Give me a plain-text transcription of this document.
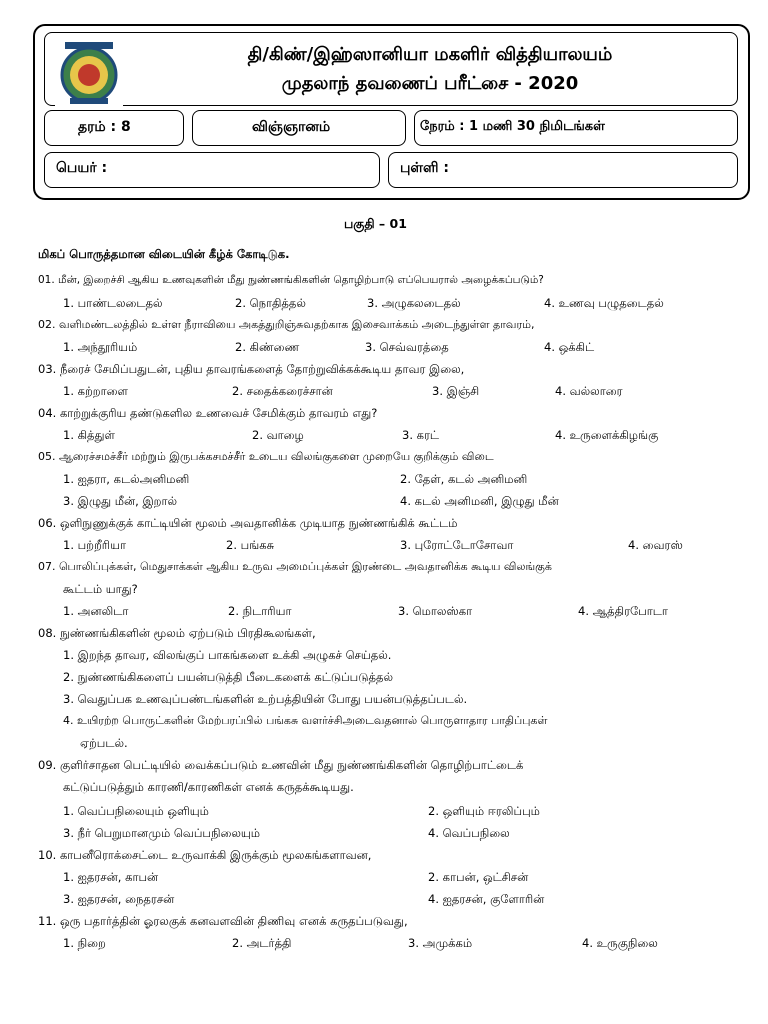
தி/கிண்/இஹ்ஸானியா மகளிர் வித்தியாலயம்
முதலாந் தவணைப் பரீட்சை - 2020
தரம் : 8	விஞ்ஞானம்	நேரம் : 1 மணி 30 நிமிடங்கள்
பெயர் :	புள்ளி :
பகுதி – 01
மிகப் பொருத்தமான விடையின் கீழ்க் கோடிடுக.
01. மீன், இறைச்சி ஆகிய உணவுகளின் மீது நுண்ணங்கிகளின் தொழிற்பாடு எப்பெயரால் அழைக்கப்படும்?
1. பாண்டலடைதல்	2. நொதித்தல்	3. அழுகலடைதல்	4. உணவு பழுதடைதல்
02. வளிமண்டலத்தில் உள்ள நீராவியை அகத்துறிஞ்சுவதற்காக இசைவாக்கம் அடைந்துள்ள தாவரம்,
1. அந்தூரியம்	2. கிண்ணை	3. செவ்வரத்தை	4. ஒக்கிட்
03. நீரைச் சேமிப்பதுடன், புதிய தாவரங்களைத் தோற்றுவிக்கக்கூடிய தாவர இலை,
1. கற்றாளை	2. சதைக்கரைச்சான்	3. இஞ்சி	4. வல்லாரை
04. காற்றுக்குரிய தண்டுகளில உணவைச் சேமிக்கும் தாவரம் எது?
1. கித்துள்	2. வாழை	3. கரட்	4. உருளைக்கிழங்கு
05. ஆரைச்சமச்சீர் மற்றும் இருபக்கசமச்சீர் உடைய விலங்குகளை முறையே குறிக்கும் விடை
1. ஐதரா, கடல்அனிமனி	2. தேள், கடல் அனிமனி
3. இழுது மீன், இறால்	4. கடல் அனிமனி, இழுது மீன்
06. ஒளிநுணுக்குக் காட்டியின் மூலம் அவதானிக்க முடியாத நுண்ணங்கிக் கூட்டம்
1. பற்றீரியா	2. பங்கசு	3. புரோட்டோசோவா	4. வைரஸ்
07. பொலிப்புக்கள், மெதுசாக்கள் ஆகிய உருவ அமைப்புக்கள் இரண்டை அவதானிக்க கூடிய விலங்குக்
கூட்டம் யாது?
1. அனலிடா	2. நிடாரியா	3. மொலஸ்கா	4. ஆத்திரபோடா
08. நுண்ணங்கிகளின் மூலம் ஏற்படும் பிரதிகூலங்கள்,
1. இறந்த தாவர, விலங்குப் பாகங்களை உக்கி அழுகச் செய்தல்.
2. நுண்ணங்கிகளைப் பயன்படுத்தி பீடைகளைக் கட்டுப்படுத்தல்
3. வெதுப்பக உணவுப்பண்டங்களின் உற்பத்தியின் போது பயன்படுத்தப்படல்.
4. உயிரற்ற பொருட்களின் மேற்பரப்பில் பங்கசு வளர்ச்சிஅடைவதனால் பொருளாதார பாதிப்புகள்
ஏற்படல்.
09. குளிர்சாதன பெட்டியில் வைக்கப்படும் உணவின் மீது நுண்ணங்கிகளின் தொழிற்பாட்டைக்
கட்டுப்படுத்தும் காரணி/காரணிகள் எனக் கருதக்கூடியது.
1. வெப்பநிலையும் ஒளியும்	2. ஒளியும் ஈரலிப்பும்
3. நீர் பெறுமானமும் வெப்பநிலையும்	4. வெப்பநிலை
10. காபனீரொக்சைட்டை உருவாக்கி இருக்கும் மூலகங்களாவன,
1. ஐதரசன், காபன்	2. காபன், ஒட்சிசன்
3. ஐதரசன், நைதரசன்	4. ஐதரசன், குளோரின்
11. ஒரு பதார்த்தின் ஓரலகுக் கனவளவின் திணிவு எனக் கருதப்படுவது,
1. நிறை	2. அடர்த்தி	3. அமுக்கம்	4. உருகுநிலை
